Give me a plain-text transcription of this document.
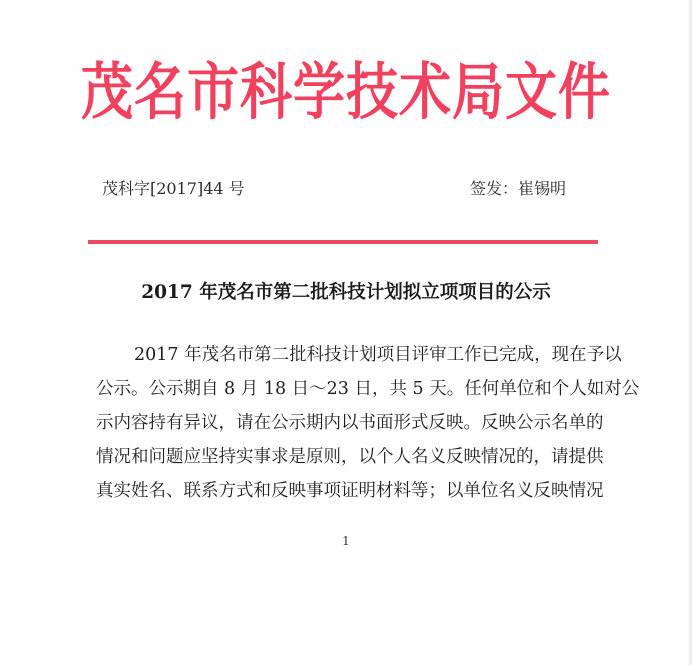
茂名市科学技术局文件
茂科字[2017]44 号	签发：崔锡明
2017 年茂名市第二批科技计划拟立项项目的公示
2017 年茂名市第二批科技计划项目评审工作已完成，现在予以
公示。公示期自 8 月 18 日～23 日，共 5 天。任何单位和个人如对公
示内容持有异议，请在公示期内以书面形式反映。反映公示名单的
情况和问题应坚持实事求是原则，以个人名义反映情况的，请提供
真实姓名、联系方式和反映事项证明材料等；以单位名义反映情况
1
